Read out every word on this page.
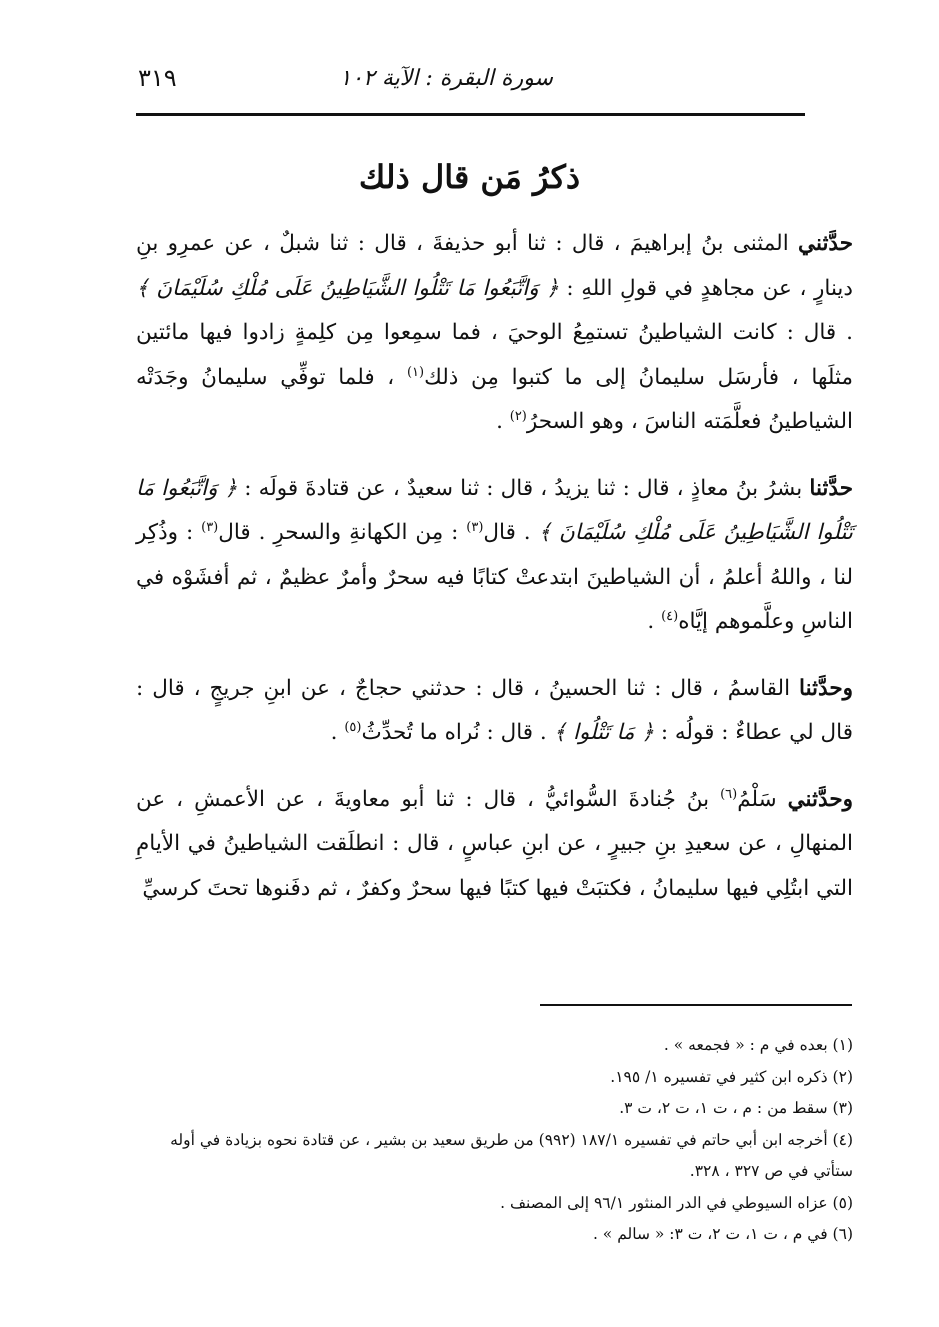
سورة البقرة : الآية ١٠٢
٣١٩
ذكرُ مَن قال ذلك

حدَّثني المثنى بنُ إبراهيمَ ، قال : ثنا أبو حذيفةَ ، قال : ثنا شبلٌ ، عن عمرِو بنِ دينارٍ ، عن مجاهدٍ في قولِ اللهِ : ﴿ وَاتَّبَعُوا مَا تَتْلُوا الشَّيَاطِينُ عَلَى مُلْكِ سُلَيْمَانَ ﴾ . قال : كانت الشياطينُ تستمِعُ الوحيَ ، فما سمِعوا مِن كلِمةٍ زادوا فيها مائتين مثلَها ، فأرسَل سليمانُ إلى ما كتبوا مِن ذلك$^{(١)}$ ، فلما توفِّي سليمانُ وجَدَتْه الشياطينُ فعلَّمَته الناسَ ، وهو السحرُ$^{(٢)}$ .

حدَّثنا بشرُ بنُ معاذٍ ، قال : ثنا يزيدُ ، قال : ثنا سعيدٌ ، عن قتادةَ قولَه : ﴿ وَاتَّبَعُوا مَا تَتْلُوا الشَّيَاطِينُ عَلَى مُلْكِ سُلَيْمَانَ ﴾ . قال$^{(٣)}$ : مِن الكهانةِ والسحرِ . قال$^{(٣)}$ : وذُكِر لنا ، واللهُ أعلمُ ، أن الشياطينَ ابتدعتْ كتابًا فيه سحرٌ وأمرٌ عظيمٌ ، ثم أفشَوْه في الناسِ وعلَّموهم إيَّاه$^{(٤)}$ .

وحدَّثنا القاسمُ ، قال : ثنا الحسينُ ، قال : حدثني حجاجٌ ، عن ابنِ جريجٍ ، قال : قال لي عطاءٌ : قولُه : ﴿ مَا تَتْلُوا ﴾ . قال : نُراه ما تُحدِّثُ$^{(٥)}$ .

وحدَّثني سَلْمُ$^{(٦)}$ بنُ جُنادةَ السُّوائيُّ ، قال : ثنا أبو معاويةَ ، عن الأعمشِ ، عن المنهالِ ، عن سعيدِ بنِ جبيرٍ ، عن ابنِ عباسٍ ، قال : انطلَقت الشياطينُ في الأيامِ التي ابتُلِي فيها سليمانُ ، فكتبَتْ فيها كتبًا فيها سحرٌ وكفرٌ ، ثم دفَنوها تحتَ كرسيِّ

(١) بعده في م : « فجمعه » .

(٢) ذكره ابن كثير في تفسيره ١/ ١٩٥.

(٣) سقط من : م ، ت ١، ت ٢، ت ٣.

(٤) أخرجه ابن أبي حاتم في تفسيره ١٨٧/١ (٩٩٢) من طريق سعيد بن بشير ، عن قتادة نحوه بزيادة في أوله ستأتي في ص ٣٢٧ ، ٣٢٨.

(٥) عزاه السيوطي في الدر المنثور ٩٦/١ إلى المصنف .

(٦) في م ، ت ١، ت ٢، ت ٣: « سالم » .
